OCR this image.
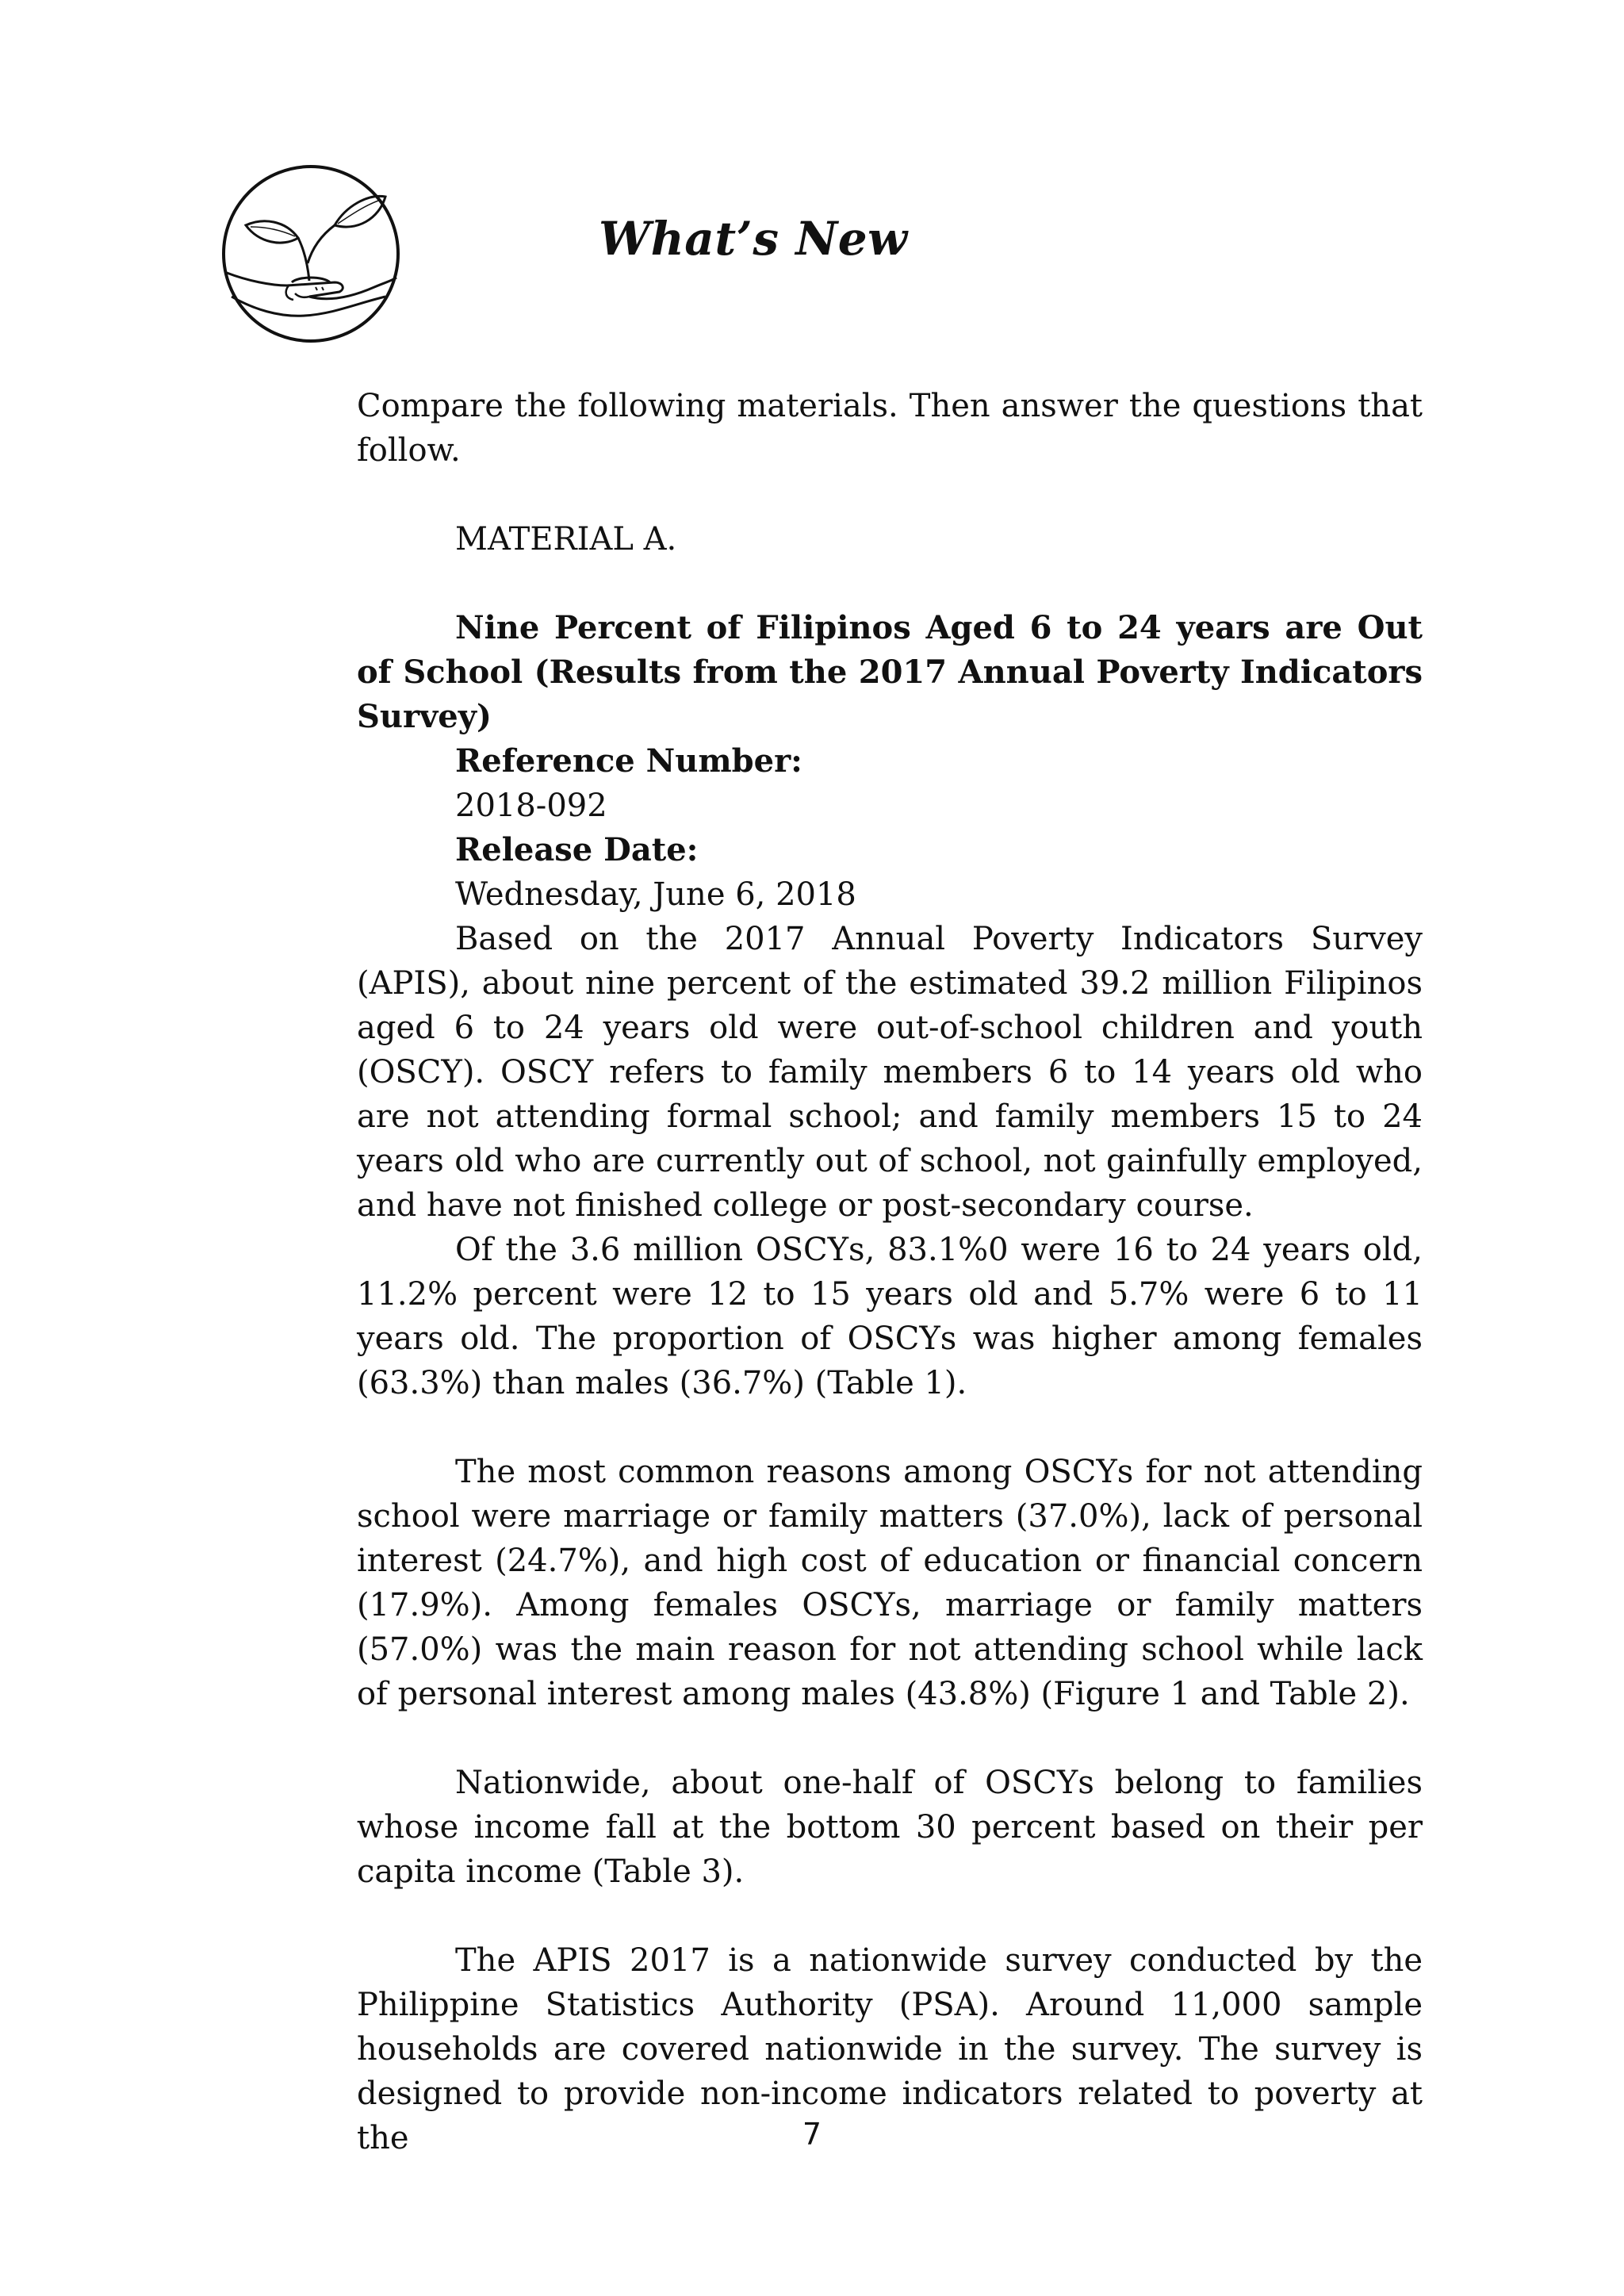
What’s New

Compare the following materials. Then answer the questions that follow.

MATERIAL A.

Nine Percent of Filipinos Aged 6 to 24 years are Out of School (Results from the 2017 Annual Poverty Indicators Survey)

Reference Number:

2018-092

Release Date:

Wednesday, June 6, 2018

Based on the 2017 Annual Poverty Indicators Survey (APIS), about nine percent of the estimated 39.2 million Filipinos aged 6 to 24 years old were out-of-school children and youth (OSCY). OSCY refers to family members 6 to 14 years old who are not attending formal school; and family members 15 to 24 years old who are currently out of school, not gainfully employed, and have not finished college or post-secondary course.

Of the 3.6 million OSCYs, 83.1%0 were 16 to 24 years old, 11.2% percent were 12 to 15 years old and 5.7% were 6 to 11 years old. The proportion of OSCYs was higher among females (63.3%) than males (36.7%) (Table 1).

The most common reasons among OSCYs for not attending school were marriage or family matters (37.0%), lack of personal interest (24.7%), and high cost of education or financial concern (17.9%). Among females OSCYs, marriage or family matters (57.0%) was the main reason for not attending school while lack of personal interest among males (43.8%) (Figure 1 and Table 2).

Nationwide, about one-half of OSCYs belong to families whose income fall at the bottom 30 percent based on their per capita income (Table 3).

The APIS 2017 is a nationwide survey conducted by the Philippine Statistics Authority (PSA). Around 11,000 sample households are covered nationwide in the survey. The survey is designed to provide non-income indicators related to poverty at the	7
